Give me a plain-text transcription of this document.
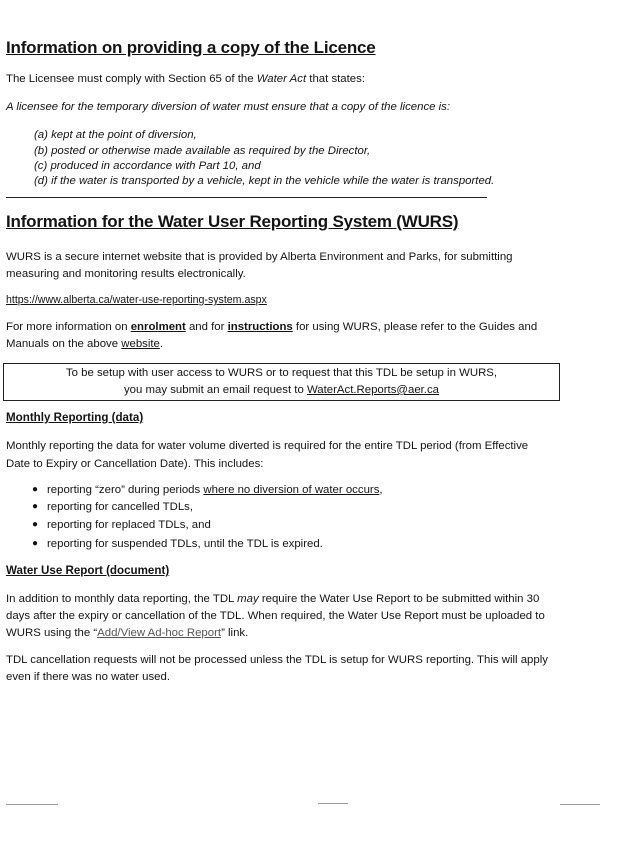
Information on providing a copy of the Licence
The Licensee must comply with Section 65 of the Water Act that states:
A licensee for the temporary diversion of water must ensure that a copy of the licence is:
(a) kept at the point of diversion,
(b) posted or otherwise made available as required by the Director,
(c) produced in accordance with Part 10, and
(d) if the water is transported by a vehicle, kept in the vehicle while the water is transported.
Information for the Water User Reporting System (WURS)
WURS is a secure internet website that is provided by Alberta Environment and Parks, for submitting
measuring and monitoring results electronically.
https://www.alberta.ca/water-use-reporting-system.aspx
For more information on enrolment and for instructions for using WURS, please refer to the Guides and
Manuals on the above website.
To be setup with user access to WURS or to request that this TDL be setup in WURS,
you may submit an email request to WaterAct.Reports@aer.ca
Monthly Reporting (data)
Monthly reporting the data for water volume diverted is required for the entire TDL period (from Effective
Date to Expiry or Cancellation Date). This includes:
● reporting “zero” during periods where no diversion of water occurs,
● reporting for cancelled TDLs,
● reporting for replaced TDLs, and
● reporting for suspended TDLs, until the TDL is expired.
Water Use Report (document)
In addition to monthly data reporting, the TDL may require the Water Use Report to be submitted within 30
days after the expiry or cancellation of the TDL. When required, the Water Use Report must be uploaded to
WURS using the “Add/View Ad-hoc Report” link.
TDL cancellation requests will not be processed unless the TDL is setup for WURS reporting. This will apply
even if there was no water used.
